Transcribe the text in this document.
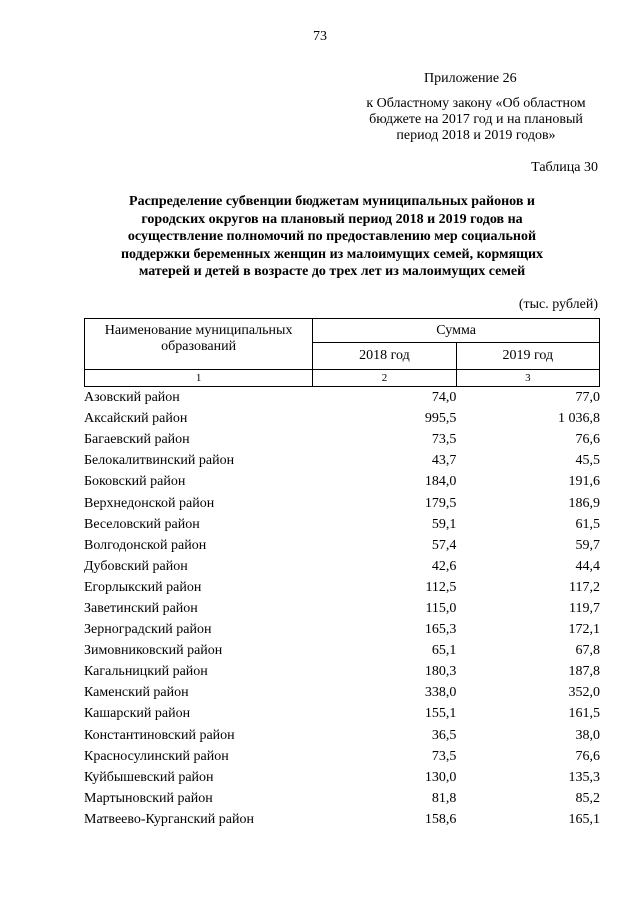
73
Приложение 26
к Областному закону «Об областном
бюджете на 2017 год и на плановый
период 2018 и 2019 годов»
Таблица 30
Распределение субвенции бюджетам муниципальных районов и
городских округов на плановый период 2018 и 2019 годов на
осуществление полномочий по предоставлению мер социальной
поддержки беременных женщин из малоимущих семей, кормящих
матерей и детей в возрасте до трех лет из малоимущих семей
(тыс. рублей)
Наименование муниципальных образований	Сумма	
	2018 год	2019 год
1	2	3
Азовский район	74,0	77,0
Аксайский район	995,5	1 036,8
Багаевский район	73,5	76,6
Белокалитвинский район	43,7	45,5
Боковский район	184,0	191,6
Верхнедонской район	179,5	186,9
Веселовский район	59,1	61,5
Волгодонской район	57,4	59,7
Дубовский район	42,6	44,4
Егорлыкский район	112,5	117,2
Заветинский район	115,0	119,7
Зерноградский район	165,3	172,1
Зимовниковский район	65,1	67,8
Кагальницкий район	180,3	187,8
Каменский район	338,0	352,0
Кашарский район	155,1	161,5
Константиновский район	36,5	38,0
Красносулинский район	73,5	76,6
Куйбышевский район	130,0	135,3
Мартыновский район	81,8	85,2
Матвеево-Курганский район	158,6	165,1
